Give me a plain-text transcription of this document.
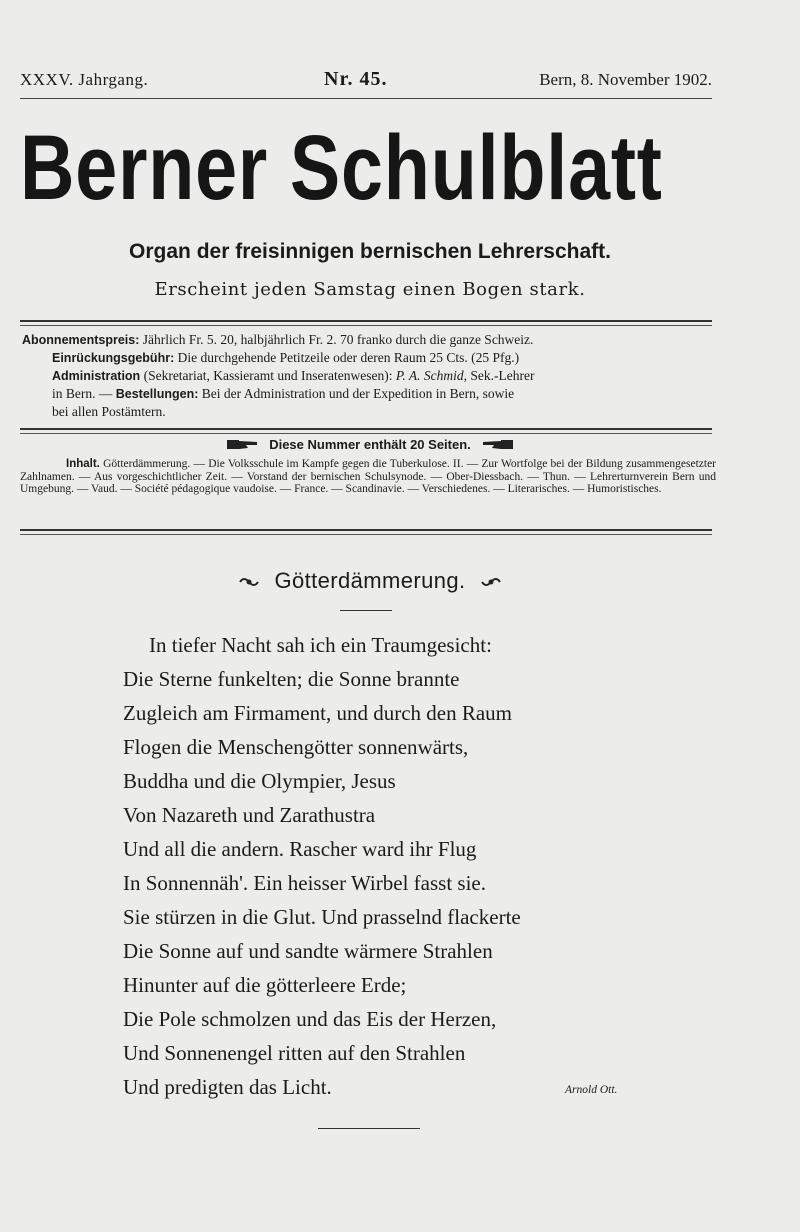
XXXV. Jahrgang.	Nr. 45.	Bern, 8. November 1902.
Berner Schulblatt
Organ der freisinnigen bernischen Lehrerschaft.
Erscheint jeden Samstag einen Bogen stark.
Abonnementspreis: Jährlich Fr. 5. 20, halbjährlich Fr. 2. 70 franko durch die ganze Schweiz.
Einrückungsgebühr: Die durchgehende Petitzeile oder deren Raum 25 Cts. (25 Pfg.)
Administration (Sekretariat, Kassieramt und Inseratenwesen): P. A. Schmid, Sek.-Lehrer
in Bern. — Bestellungen: Bei der Administration und der Expedition in Bern, sowie
bei allen Postämtern.
Diese Nummer enthält 20 Seiten.
Inhalt. Götterdämmerung. — Die Volksschule im Kampfe gegen die Tuberkulose. II. — Zur Wortfolge bei der Bildung zusammengesetzter Zahlnamen. — Aus vorgeschichtlicher Zeit. — Vorstand der bernischen Schulsynode. — Ober-Diessbach. — Thun. — Lehrerturnverein Bern und Umgebung. — Vaud. — Société pédagogique vaudoise. — France. — Scandinavie. — Verschiedenes. — Literarisches. — Humoristisches.
Götterdämmerung.
In tiefer Nacht sah ich ein Traumgesicht:
Die Sterne funkelten; die Sonne brannte
Zugleich am Firmament, und durch den Raum
Flogen die Menschengötter sonnenwärts,
Buddha und die Olympier, Jesus
Von Nazareth und Zarathustra
Und all die andern. Rascher ward ihr Flug
In Sonnennäh'. Ein heisser Wirbel fasst sie.
Sie stürzen in die Glut. Und prasselnd flackerte
Die Sonne auf und sandte wärmere Strahlen
Hinunter auf die götterleere Erde;
Die Pole schmolzen und das Eis der Herzen,
Und Sonnenengel ritten auf den Strahlen
Und predigten das Licht.	Arnold Ott.
